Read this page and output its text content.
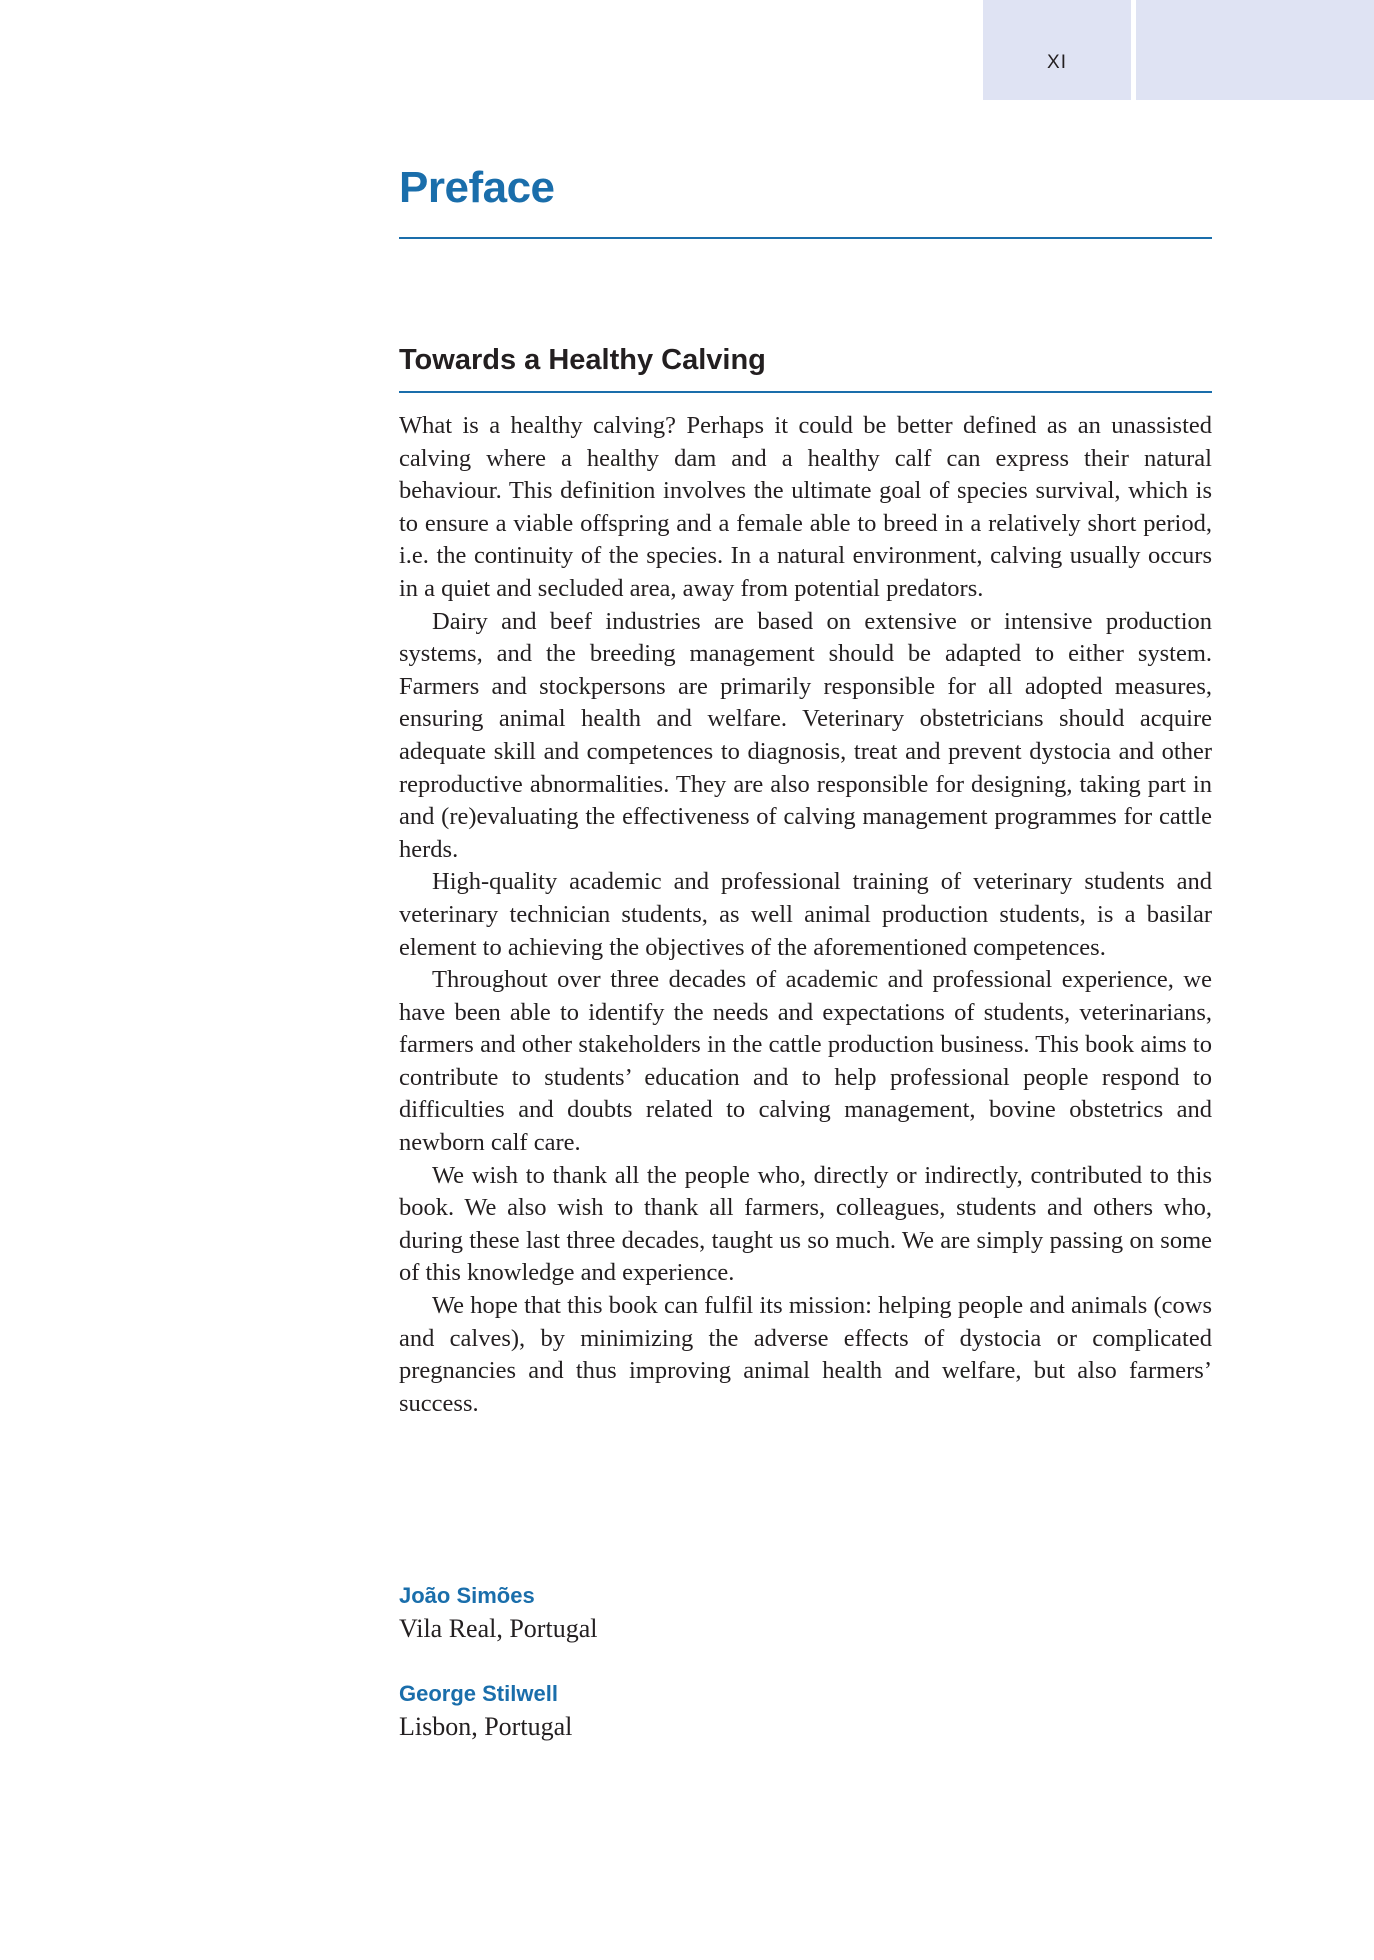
XI
Preface
Towards a Healthy Calving

What is a healthy calving? Perhaps it could be better defined as an unassisted calving where a healthy dam and a healthy calf can express their natural behaviour. This definition involves the ultimate goal of species survival, which is to ensure a viable offspring and a female able to breed in a relatively short period, i.e. the continuity of the species. In a natural environment, calving usually occurs in a quiet and secluded area, away from potential predators.

Dairy and beef industries are based on extensive or intensive production systems, and the breeding management should be adapted to either system. Farmers and stockpersons are primarily responsible for all adopted measures, ensuring animal health and welfare. Veterinary obstetricians should acquire adequate skill and competences to diagnosis, treat and prevent dystocia and other reproductive abnormalities. They are also responsible for designing, taking part in and (re)evaluating the effectiveness of calving management programmes for cattle herds.

High-quality academic and professional training of veterinary students and veterinary technician students, as well animal production students, is a basilar element to achieving the objectives of the aforementioned competences.

Throughout over three decades of academic and professional experience, we have been able to identify the needs and expectations of students, veterinarians, farmers and other stakeholders in the cattle production business. This book aims to contribute to students’ education and to help professional people respond to difficulties and doubts related to calving management, bovine obstetrics and newborn calf care.

We wish to thank all the people who, directly or indirectly, contributed to this book. We also wish to thank all farmers, colleagues, students and others who, during these last three decades, taught us so much. We are simply passing on some of this knowledge and experience.

We hope that this book can fulfil its mission: helping people and animals (cows and calves), by minimizing the adverse effects of dystocia or complicated pregnancies and thus improving animal health and welfare, but also farmers’ success.

João Simões
Vila Real, Portugal
George Stilwell
Lisbon, Portugal
